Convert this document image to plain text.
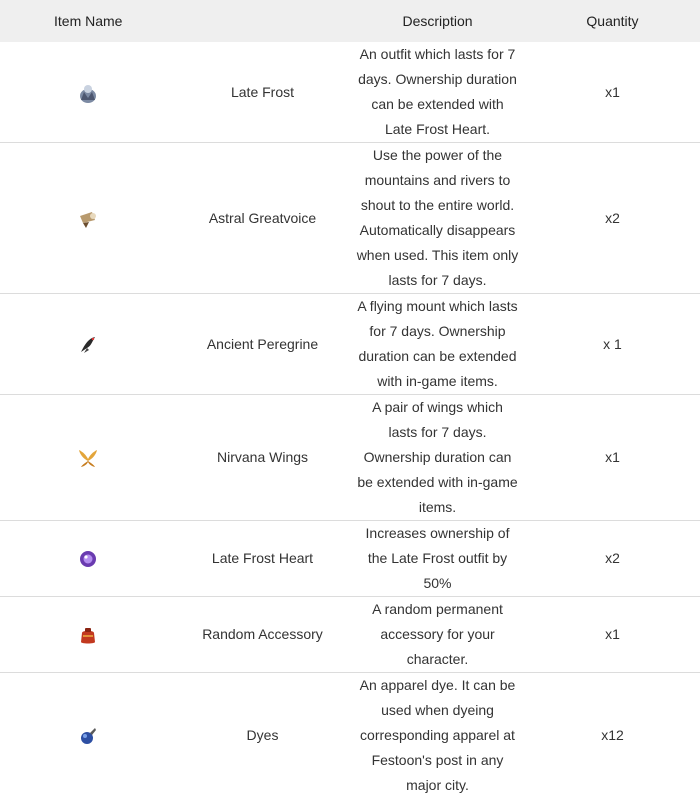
Item Name		Description	Quantity

	Late Frost	An outfit which lasts for 7 days. Ownership duration can be extended with Late Frost Heart.	x1

	Astral Greatvoice	Use the power of the mountains and rivers to shout to the entire world. Automatically disappears when used. This item only lasts for 7 days.	x2

	Ancient Peregrine	A flying mount which lasts for 7 days. Ownership duration can be extended with in-game items.	x 1

	Nirvana Wings	A pair of wings which lasts for 7 days. Ownership duration can be extended with in-game items.	x1

	Late Frost Heart	Increases ownership of the Late Frost outfit by 50%	x2

	Random Accessory	A random permanent accessory for your character.	x1

	Dyes	An apparel dye. It can be used when dyeing corresponding apparel at Festoon's post in any major city.	x12
